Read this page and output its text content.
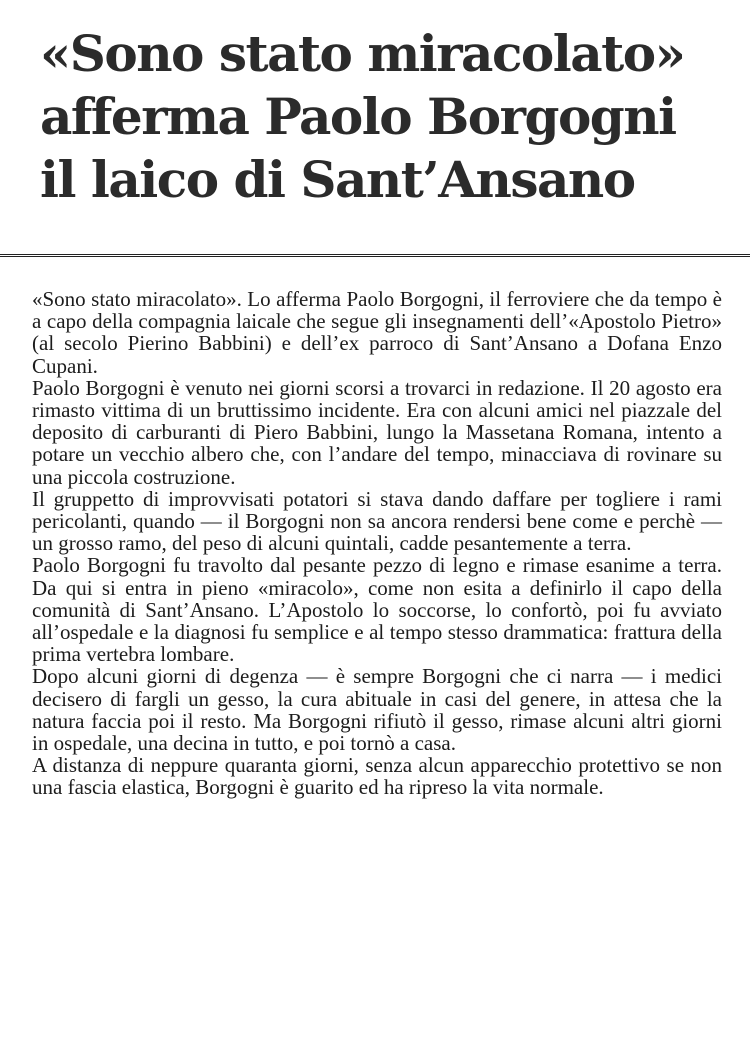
«Sono stato miracolato»
afferma Paolo Borgogni
il laico di Sant’Ansano

«Sono stato miracolato». Lo afferma Paolo Borgogni, il ferroviere che da tempo è a capo della compagnia laicale che segue gli insegnamenti dell’«Apostolo Pietro» (al secolo Pierino Babbini) e dell’ex parroco di Sant’Ansano a Dofana Enzo Cupani.

Paolo Borgogni è venuto nei giorni scorsi a trovarci in redazione. Il 20 agosto era rimasto vittima di un bruttissimo incidente. Era con alcuni amici nel piazzale del deposito di carburanti di Piero Babbini, lungo la Massetana Romana, intento a potare un vecchio albero che, con l’andare del tempo, minacciava di rovinare su una piccola costruzione.

Il gruppetto di improvvisati potatori si stava dando daffare per togliere i rami pericolanti, quando — il Borgogni non sa ancora rendersi bene come e perchè — un grosso ramo, del peso di alcuni quintali, cadde pesantemente a terra.

Paolo Borgogni fu travolto dal pesante pezzo di legno e rimase esanime a terra. Da qui si entra in pieno «miracolo», come non esita a definirlo il capo della comunità di Sant’Ansano. L’Apostolo lo soccorse, lo confortò, poi fu avviato all’ospedale e la diagnosi fu semplice e al tempo stesso drammatica: frattura della prima vertebra lombare.

Dopo alcuni giorni di degenza — è sempre Borgogni che ci narra — i medici decisero di fargli un gesso, la cura abituale in casi del genere, in attesa che la natura faccia poi il resto. Ma Borgogni rifiutò il gesso, rimase alcuni altri giorni in ospedale, una decina in tutto, e poi tornò a casa.

A distanza di neppure quaranta giorni, senza alcun apparecchio protettivo se non una fascia elastica, Borgogni è guarito ed ha ripreso la vita normale.
